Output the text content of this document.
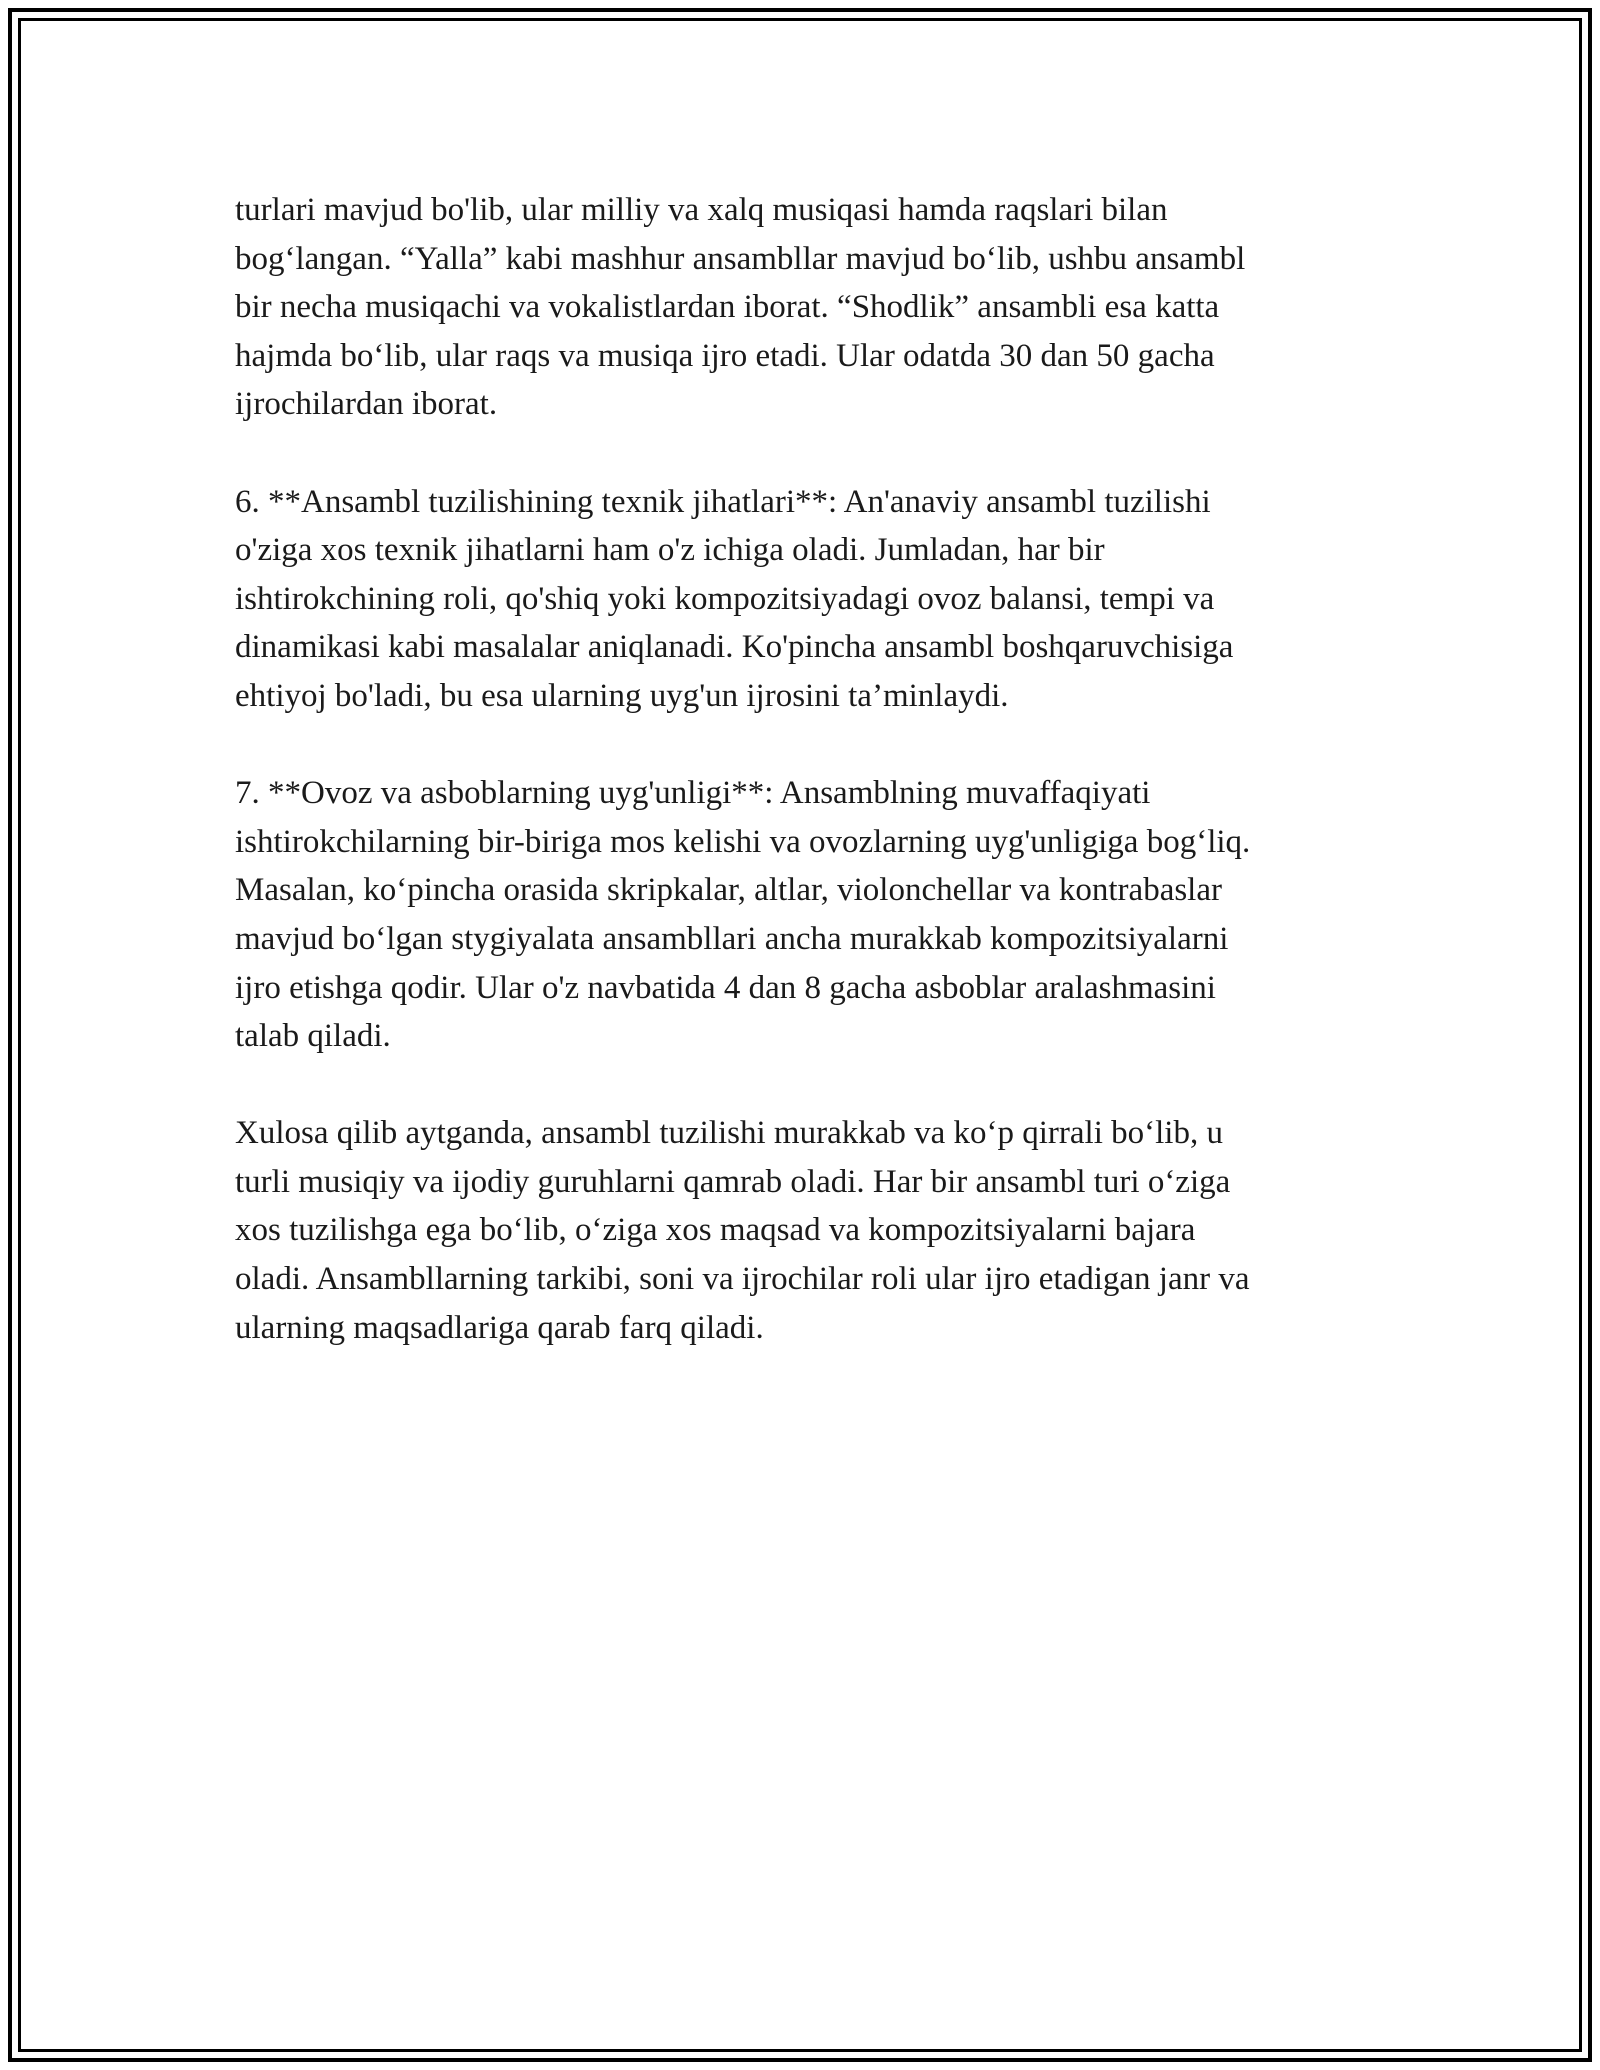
turlari mavjud bo'lib, ular milliy va xalq musiqasi hamda raqslari bilan
bog‘langan. “Yalla” kabi mashhur ansambllar mavjud bo‘lib, ushbu ansambl
bir necha musiqachi va vokalistlardan iborat. “Shodlik” ansambli esa katta
hajmda bo‘lib, ular raqs va musiqa ijro etadi. Ular odatda 30 dan 50 gacha
ijrochilardan iborat.

6. **Ansambl tuzilishining texnik jihatlari**: An'anaviy ansambl tuzilishi
o'ziga xos texnik jihatlarni ham o'z ichiga oladi. Jumladan, har bir
ishtirokchining roli, qo'shiq yoki kompozitsiyadagi ovoz balansi, tempi va
dinamikasi kabi masalalar aniqlanadi. Ko'pincha ansambl boshqaruvchisiga
ehtiyoj bo'ladi, bu esa ularning uyg'un ijrosini ta’minlaydi.

7. **Ovoz va asboblarning uyg'unligi**: Ansamblning muvaffaqiyati
ishtirokchilarning bir-biriga mos kelishi va ovozlarning uyg'unligiga bog‘liq.
Masalan, ko‘pincha orasida skripkalar, altlar, violonchellar va kontrabaslar
mavjud bo‘lgan stygiyalata ansambllari ancha murakkab kompozitsiyalarni
ijro etishga qodir. Ular o'z navbatida 4 dan 8 gacha asboblar aralashmasini
talab qiladi.

Xulosa qilib aytganda, ansambl tuzilishi murakkab va ko‘p qirrali bo‘lib, u
turli musiqiy va ijodiy guruhlarni qamrab oladi. Har bir ansambl turi o‘ziga
xos tuzilishga ega bo‘lib, o‘ziga xos maqsad va kompozitsiyalarni bajara
oladi. Ansambllarning tarkibi, soni va ijrochilar roli ular ijro etadigan janr va
ularning maqsadlariga qarab farq qiladi.
